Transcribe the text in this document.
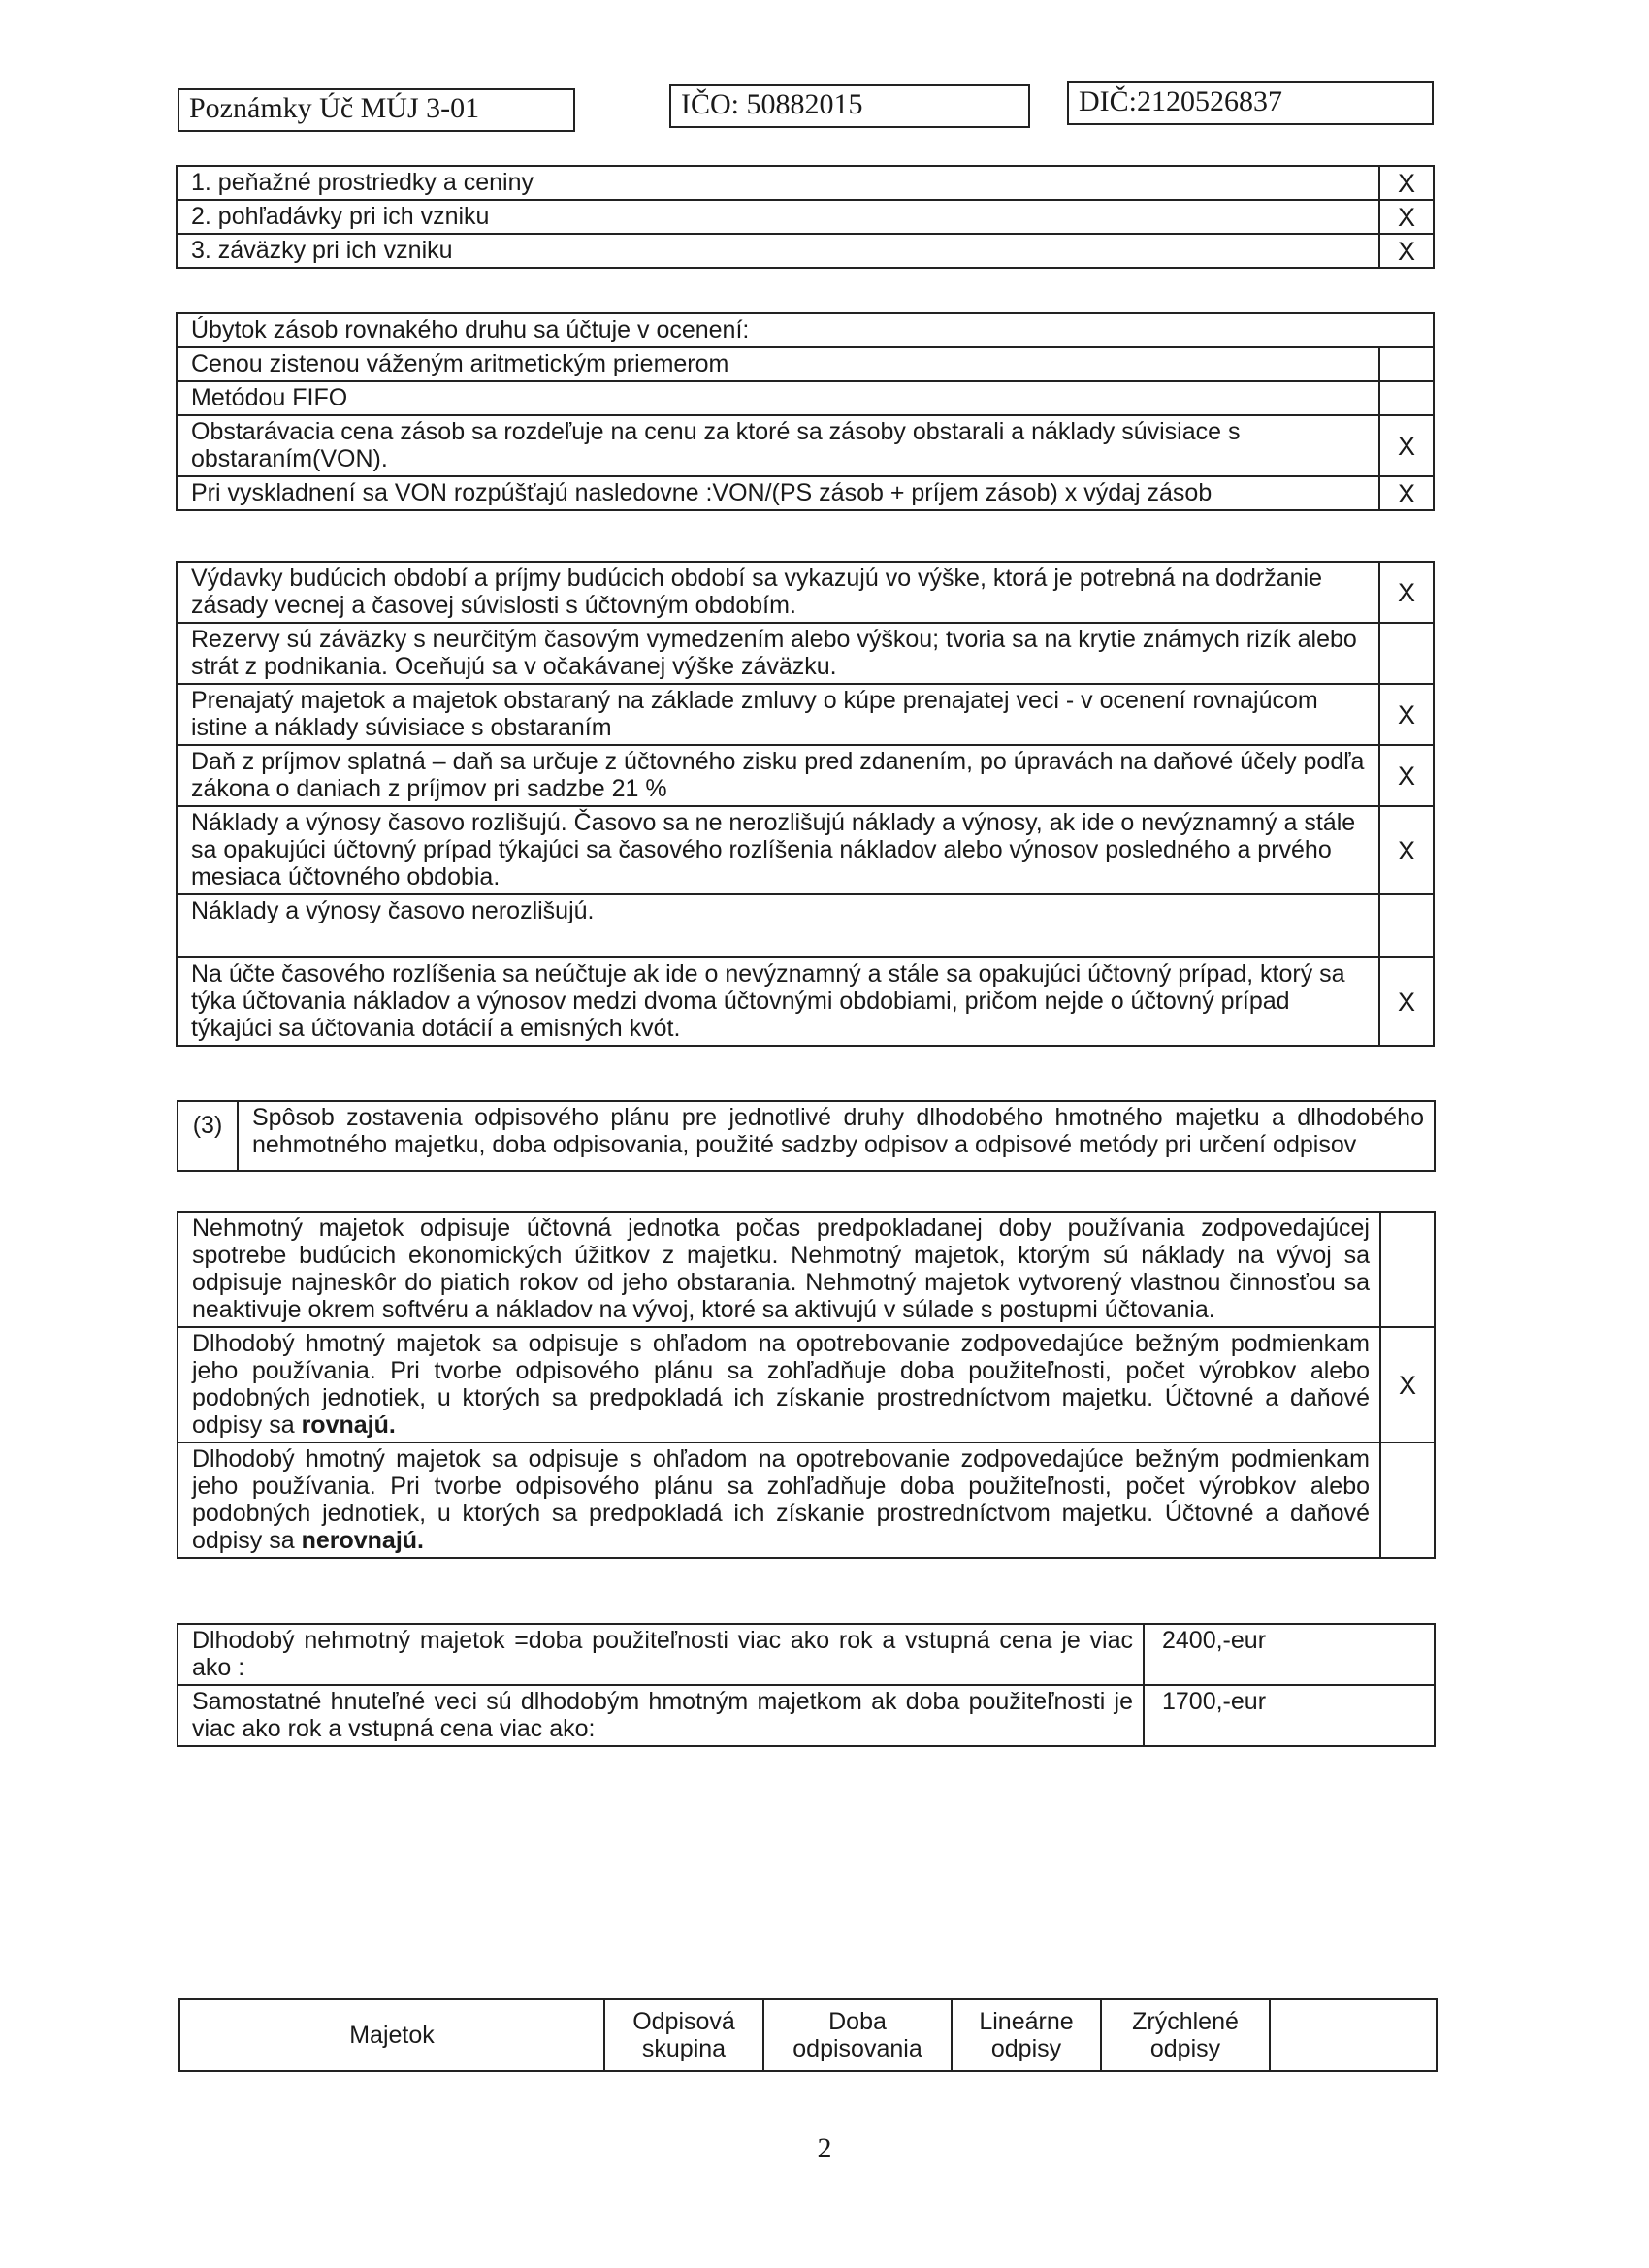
Poznámky Úč MÚJ 3-01	IČO: 50882015	DIČ:2120526837
1. peňažné prostriedky a ceniny	X
2. pohľadávky pri ich vzniku	X
3. záväzky pri ich vzniku	X
Úbytok zásob rovnakého druhu sa účtuje v ocenení:	
Cenou zistenou váženým aritmetickým priemerom	
Metódou FIFO	
Obstarávacia cena zásob sa rozdeľuje na cenu za ktoré sa zásoby obstarali a náklady súvisiace s obstaraním(VON).	X
Pri vyskladnení sa VON rozpúšťajú nasledovne :VON/(PS zásob + príjem zásob) x výdaj zásob	X
Výdavky budúcich období a príjmy budúcich období sa vykazujú vo výške, ktorá je potrebná na dodržanie zásady vecnej a časovej súvislosti s účtovným obdobím.	X
Rezervy sú záväzky s neurčitým časovým vymedzením alebo výškou; tvoria sa na krytie známych rizík alebo strát z podnikania. Oceňujú sa v očakávanej výške záväzku.	
Prenajatý majetok a majetok obstaraný na základe zmluvy o kúpe prenajatej veci - v ocenení rovnajúcom istine a náklady súvisiace s obstaraním	X
Daň z príjmov splatná – daň sa určuje z účtovného zisku pred zdanením, po úpravách na daňové účely podľa zákona o daniach z príjmov pri sadzbe 21 %	X
Náklady a výnosy časovo rozlišujú. Časovo sa ne nerozlišujú náklady a výnosy, ak ide o nevýznamný a stále sa opakujúci účtovný prípad týkajúci sa časového rozlíšenia nákladov alebo výnosov posledného a prvého mesiaca účtovného obdobia.	X
Náklady a výnosy časovo nerozlišujú.	
Na účte časového rozlíšenia sa neúčtuje ak ide o nevýznamný a stále sa opakujúci účtovný prípad, ktorý sa týka účtovania nákladov a výnosov medzi dvoma účtovnými obdobiami, pričom nejde o účtovný prípad týkajúci sa účtovania dotácií a emisných kvót.	X
(3)	Spôsob zostavenia odpisového plánu pre jednotlivé druhy dlhodobého hmotného majetku a dlhodobého nehmotného majetku, doba odpisovania, použité sadzby odpisov a odpisové metódy pri určení odpisov
Nehmotný majetok odpisuje účtovná jednotka počas predpokladanej doby používania zodpovedajúcej spotrebe budúcich ekonomických úžitkov z majetku. Nehmotný majetok, ktorým sú náklady na vývoj sa odpisuje najneskôr do piatich rokov od jeho obstarania. Nehmotný majetok vytvorený vlastnou činnosťou sa neaktivuje okrem softvéru a nákladov na vývoj, ktoré sa aktivujú v súlade s postupmi účtovania.	
Dlhodobý hmotný majetok sa odpisuje s ohľadom na opotrebovanie zodpovedajúce bežným podmienkam jeho používania. Pri tvorbe odpisového plánu sa zohľadňuje doba použiteľnosti, počet výrobkov alebo podobných jednotiek, u ktorých sa predpokladá ich získanie prostredníctvom majetku. Účtovné a daňové odpisy sa rovnajú.	X
Dlhodobý hmotný majetok sa odpisuje s ohľadom na opotrebovanie zodpovedajúce bežným podmienkam jeho používania. Pri tvorbe odpisového plánu sa zohľadňuje doba použiteľnosti, počet výrobkov alebo podobných jednotiek, u ktorých sa predpokladá ich získanie prostredníctvom majetku. Účtovné a daňové odpisy sa nerovnajú.	
Dlhodobý nehmotný majetok =doba použiteľnosti viac ako rok a vstupná cena je viac ako :	2400,-eur
Samostatné hnuteľné veci sú dlhodobým hmotným majetkom ak doba použiteľnosti je viac ako rok a vstupná cena viac ako:	1700,-eur
Majetok	Odpisová skupina	Doba odpisovania	Lineárne odpisy	Zrýchlené odpisy	
2
